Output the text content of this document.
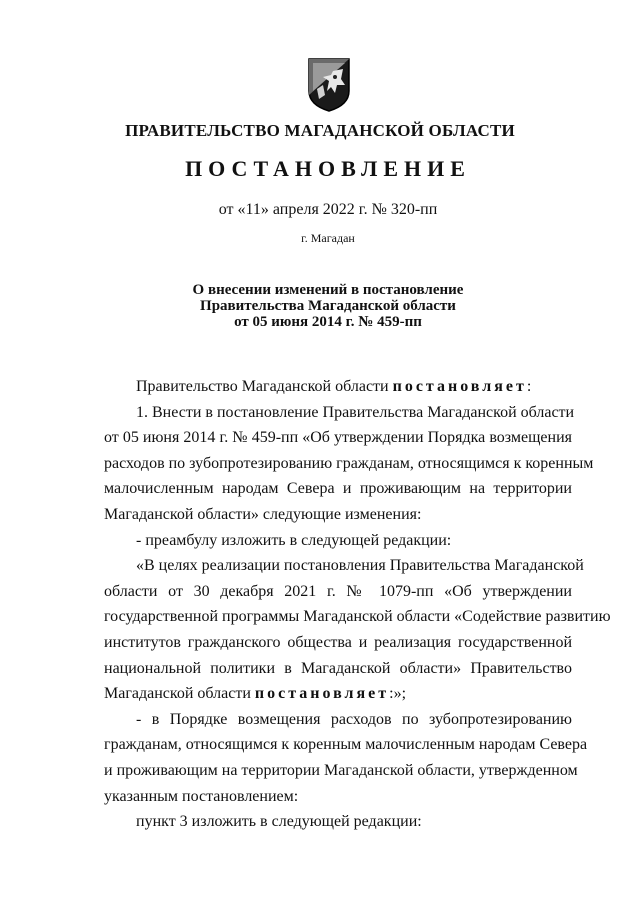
ПРАВИТЕЛЬСТВО МАГАДАНСКОЙ ОБЛАСТИ
ПОСТАНОВЛЕНИЕ
от «11» апреля 2022 г. № 320-пп
г. Магадан
О внесении изменений в постановление
Правительства Магаданской области
от 05 июня 2014 г. № 459-пп
Правительство Магаданской области постановляет:
1. Внести в постановление Правительства Магаданской области
от 05 июня 2014 г. № 459-пп «Об утверждении Порядка возмещения
расходов по зубопротезированию гражданам, относящимся к коренным
малочисленным народам Севера и проживающим на территории
Магаданской области» следующие изменения:
- преамбулу изложить в следующей редакции:
«В целях реализации постановления Правительства Магаданской
области от 30 декабря 2021 г. № 1079-пп «Об утверждении
государственной программы Магаданской области «Содействие развитию
институтов гражданского общества и реализация государственной
национальной политики в Магаданской области» Правительство
Магаданской области постановляет:»;
- в Порядке возмещения расходов по зубопротезированию
гражданам, относящимся к коренным малочисленным народам Севера
и проживающим на территории Магаданской области, утвержденном
указанным постановлением:
пункт 3 изложить в следующей редакции:
